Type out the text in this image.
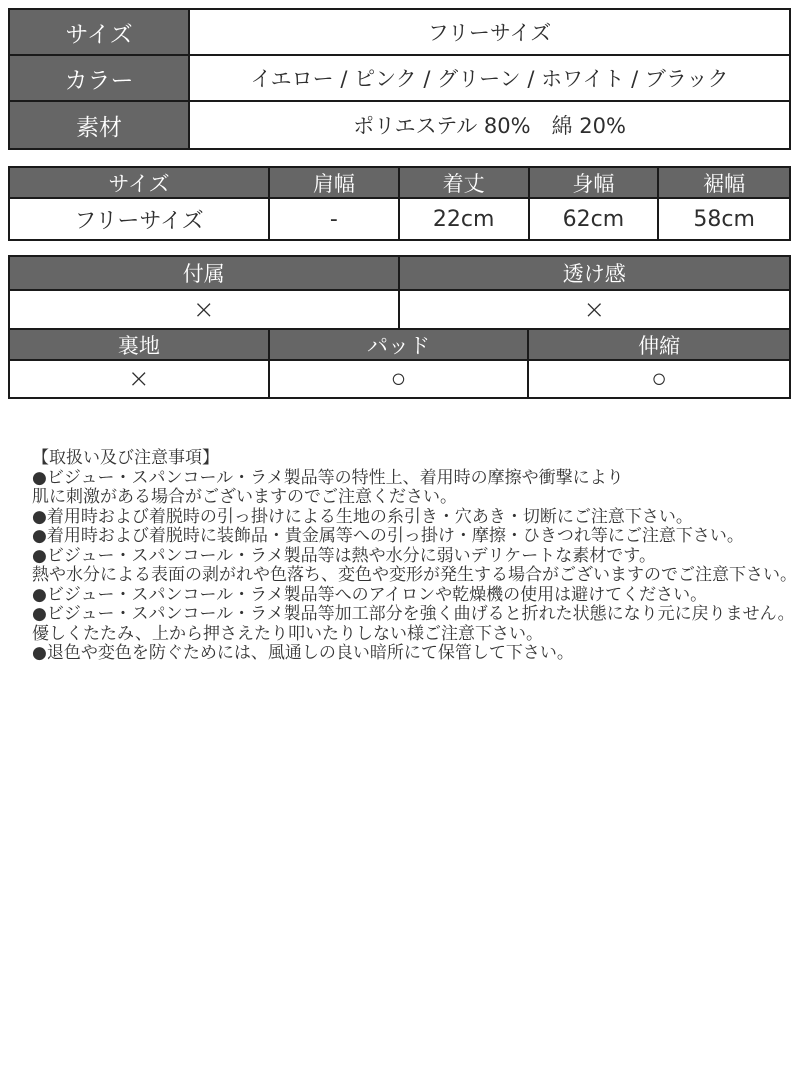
サイズ	フリーサイズ
カラー	イエロー / ピンク / グリーン / ホワイト / ブラック
素材	ポリエステル 80%　綿 20%
サイズ	肩幅	着丈	身幅	裾幅
フリーサイズ	-	22cm	62cm	58cm
付属	透け感
×	×
裏地	パッド	伸縮
×	○	○
【取扱い及び注意事項】
●ビジュー・スパンコール・ラメ製品等の特性上、着用時の摩擦や衝撃により
肌に刺激がある場合がございますのでご注意ください。
●着用時および着脱時の引っ掛けによる生地の糸引き・穴あき・切断にご注意下さい。
●着用時および着脱時に装飾品・貴金属等への引っ掛け・摩擦・ひきつれ等にご注意下さい。
●ビジュー・スパンコール・ラメ製品等は熱や水分に弱いデリケートな素材です。
熱や水分による表面の剥がれや色落ち、変色や変形が発生する場合がございますのでご注意下さい。
●ビジュー・スパンコール・ラメ製品等へのアイロンや乾燥機の使用は避けてください。
●ビジュー・スパンコール・ラメ製品等加工部分を強く曲げると折れた状態になり元に戻りません。
優しくたたみ、上から押さえたり叩いたりしない様ご注意下さい。
●退色や変色を防ぐためには、風通しの良い暗所にて保管して下さい。
